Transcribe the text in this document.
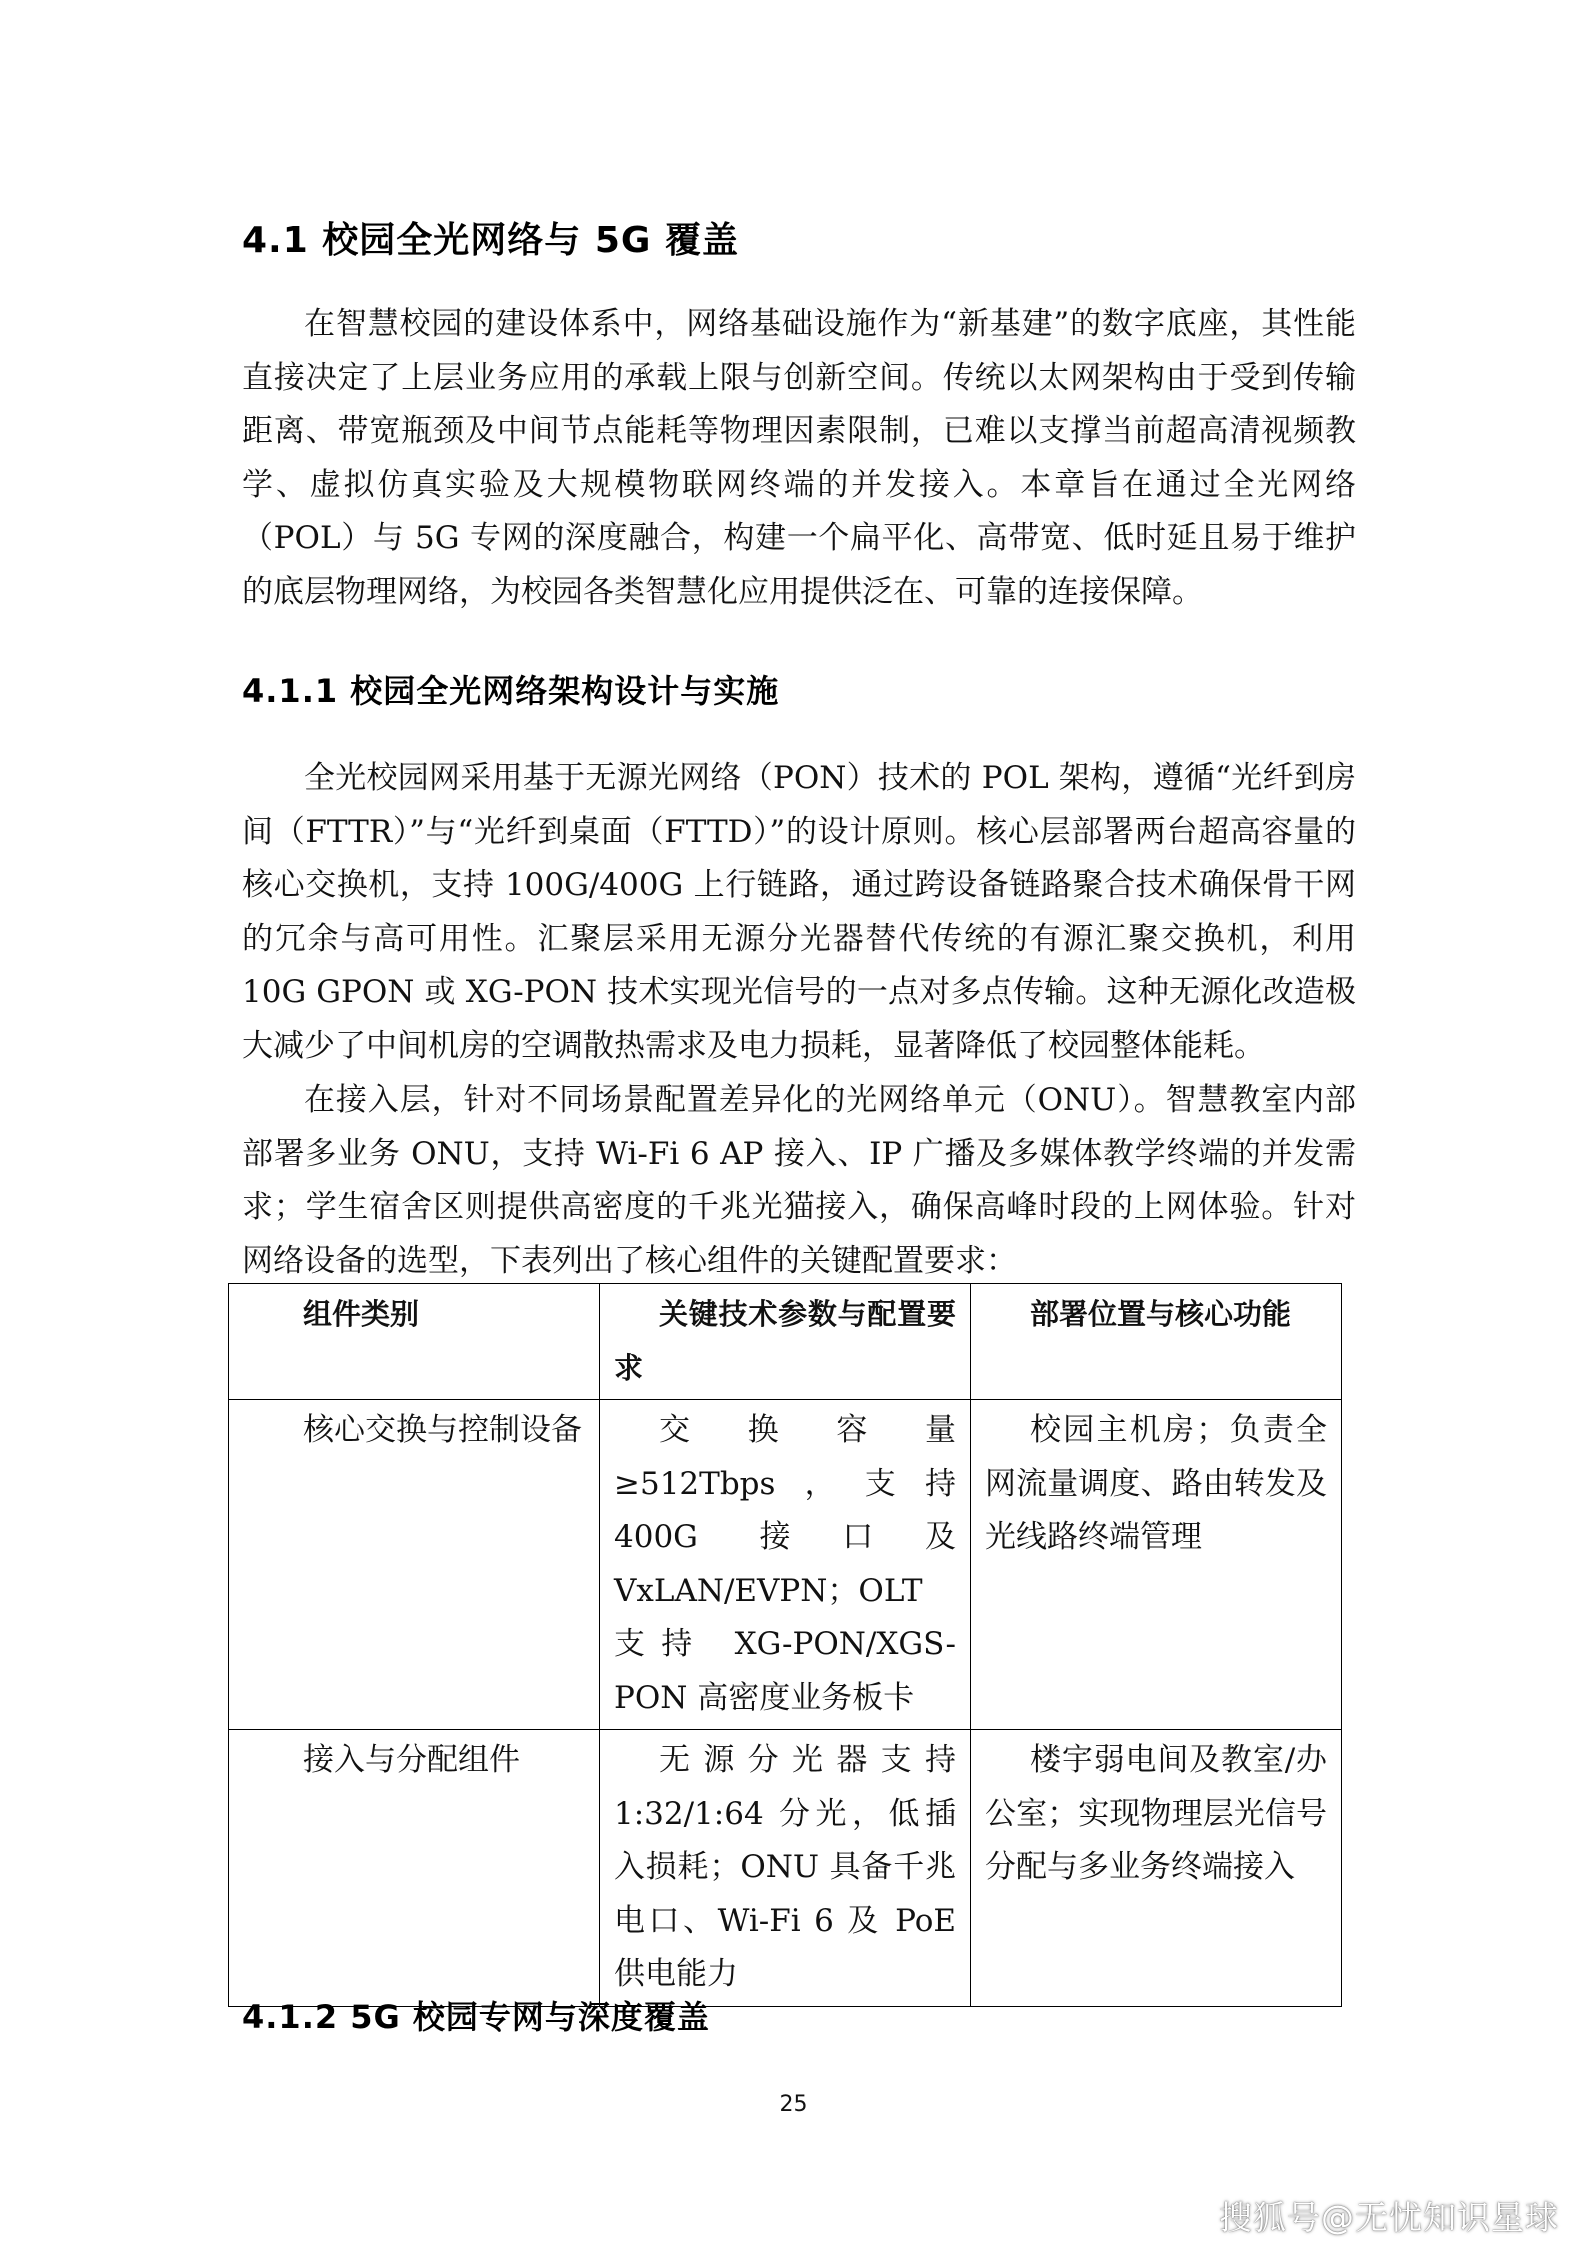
4.1 校园全光网络与 5G 覆盖

在智慧校园的建设体系中，网络基础设施作为“新基建”的数字底座，其性能直接决定了上层业务应用的承载上限与创新空间。传统以太网架构由于受到传输距离、带宽瓶颈及中间节点能耗等物理因素限制，已难以支撑当前超高清视频教学、虚拟仿真实验及大规模物联网终端的并发接入。本章旨在通过全光网络（POL）与 5G 专网的深度融合，构建一个扁平化、高带宽、低时延且易于维护的底层物理网络，为校园各类智慧化应用提供泛在、可靠的连接保障。

4.1.1 校园全光网络架构设计与实施

全光校园网采用基于无源光网络（PON）技术的 POL 架构，遵循“光纤到房间（FTTR）”与“光纤到桌面（FTTD）”的设计原则。核心层部署两台超高容量的核心交换机，支持 100G/400G 上行链路，通过跨设备链路聚合技术确保骨干网的冗余与高可用性。汇聚层采用无源分光器替代传统的有源汇聚交换机，利用 10G GPON 或 XG-PON 技术实现光信号的一点对多点传输。这种无源化改造极大减少了中间机房的空调散热需求及电力损耗，显著降低了校园整体能耗。

在接入层，针对不同场景配置差异化的光网络单元（ONU）。智慧教室内部部署多业务 ONU，支持 Wi-Fi 6 AP 接入、IP 广播及多媒体教学终端的并发需求；学生宿舍区则提供高密度的千兆光猫接入，确保高峰时段的上网体验。针对网络设备的选型，下表列出了核心组件的关键配置要求：

组件类别	关键技术参数与配置要求	部署位置与核心功能
核心交换与控制设备	交换容量≥512Tbps，支持 400G 接口及 VxLAN/EVPN；OLT 支持 XG-PON/XGS-PON 高密度业务板卡	校园主机房；负责全网流量调度、路由转发及光线路终端管理
接入与分配组件	无源分光器支持 1:32/1:64 分光，低插入损耗；ONU 具备千兆电口、Wi-Fi 6 及 PoE 供电能力	楼宇弱电间及教室/办公室；实现物理层光信号分配与多业务终端接入
4.1.2 5G 校园专网与深度覆盖
25
搜狐号@无忧知识星球
